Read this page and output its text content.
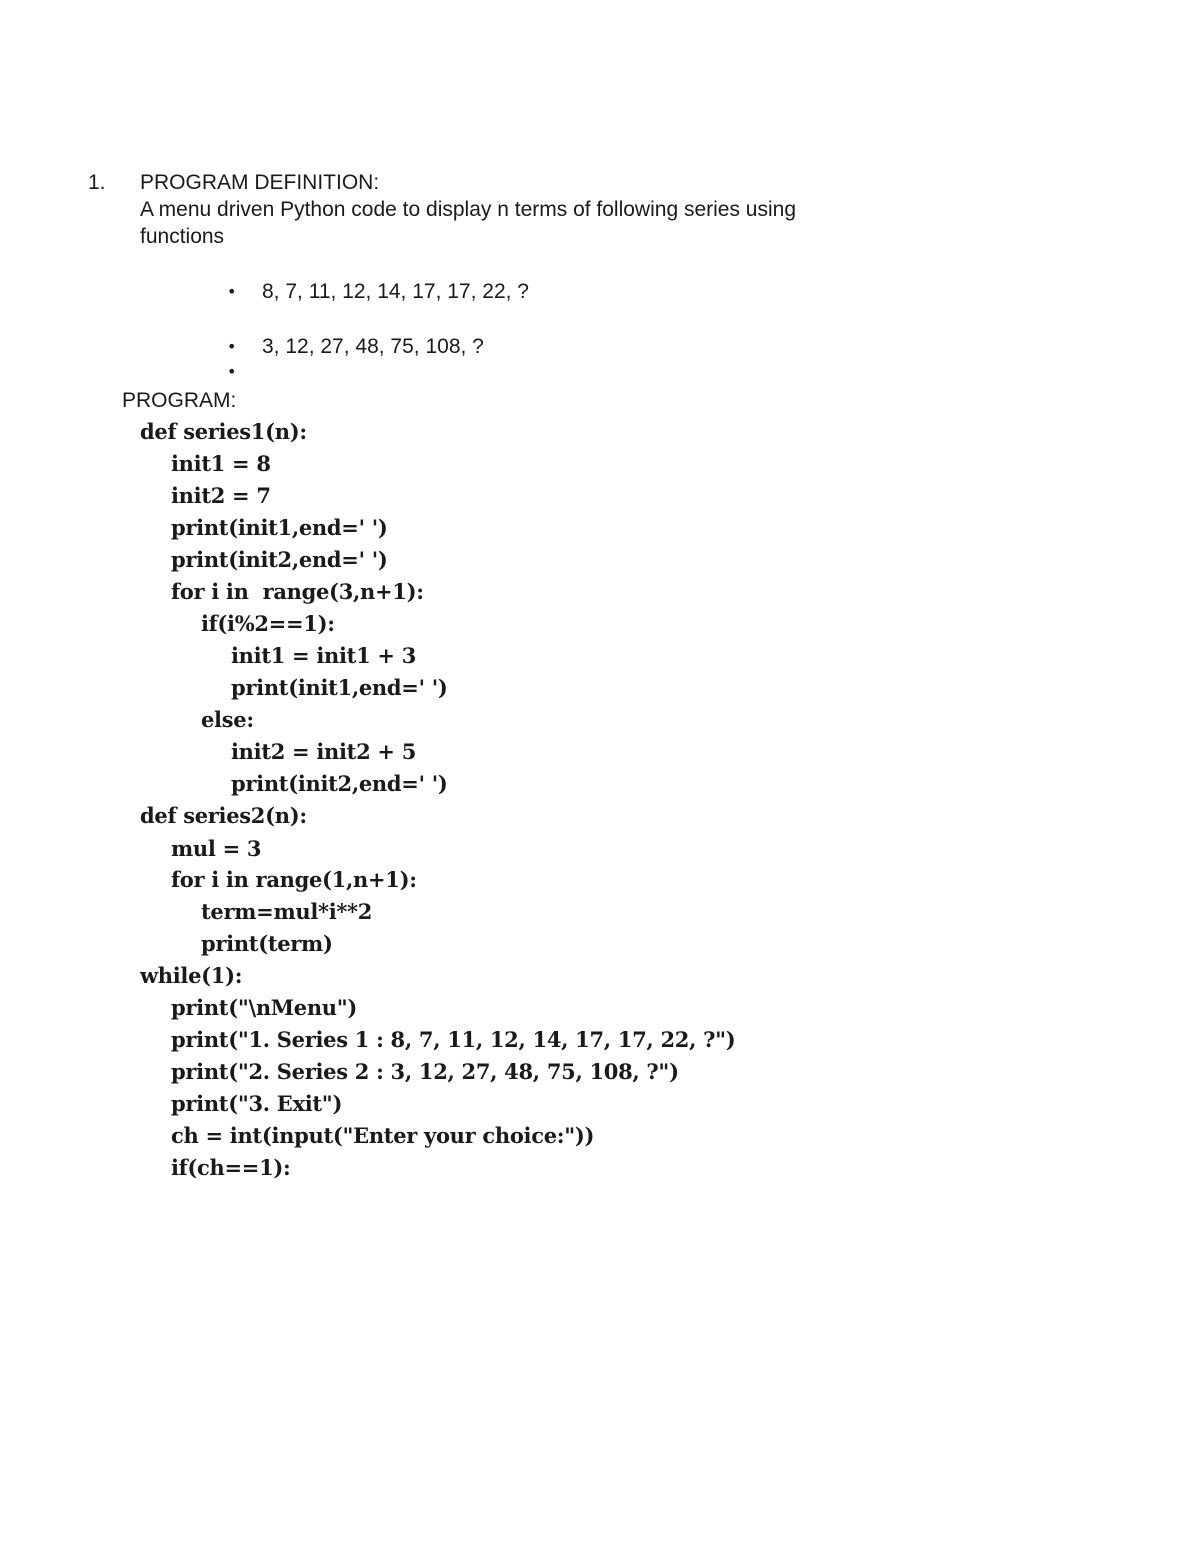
1. PROGRAM DEFINITION:
A menu driven Python code to display n terms of following series using
functions
• 8, 7, 11, 12, 14, 17, 17, 22, ?
• 3, 12, 27, 48, 75, 108, ?
•
PROGRAM:
def series1(n):
init1 = 8
init2 = 7
print(init1,end=' ')
print(init2,end=' ')
for i in  range(3,n+1):
if(i%2==1):
init1 = init1 + 3
print(init1,end=' ')
else:
init2 = init2 + 5
print(init2,end=' ')
def series2(n):
mul = 3
for i in range(1,n+1):
term=mul*i**2
print(term)
while(1):
print("\nMenu")
print("1. Series 1 : 8, 7, 11, 12, 14, 17, 17, 22, ?")
print("2. Series 2 : 3, 12, 27, 48, 75, 108, ?")
print("3. Exit")
ch = int(input("Enter your choice:"))
if(ch==1):
